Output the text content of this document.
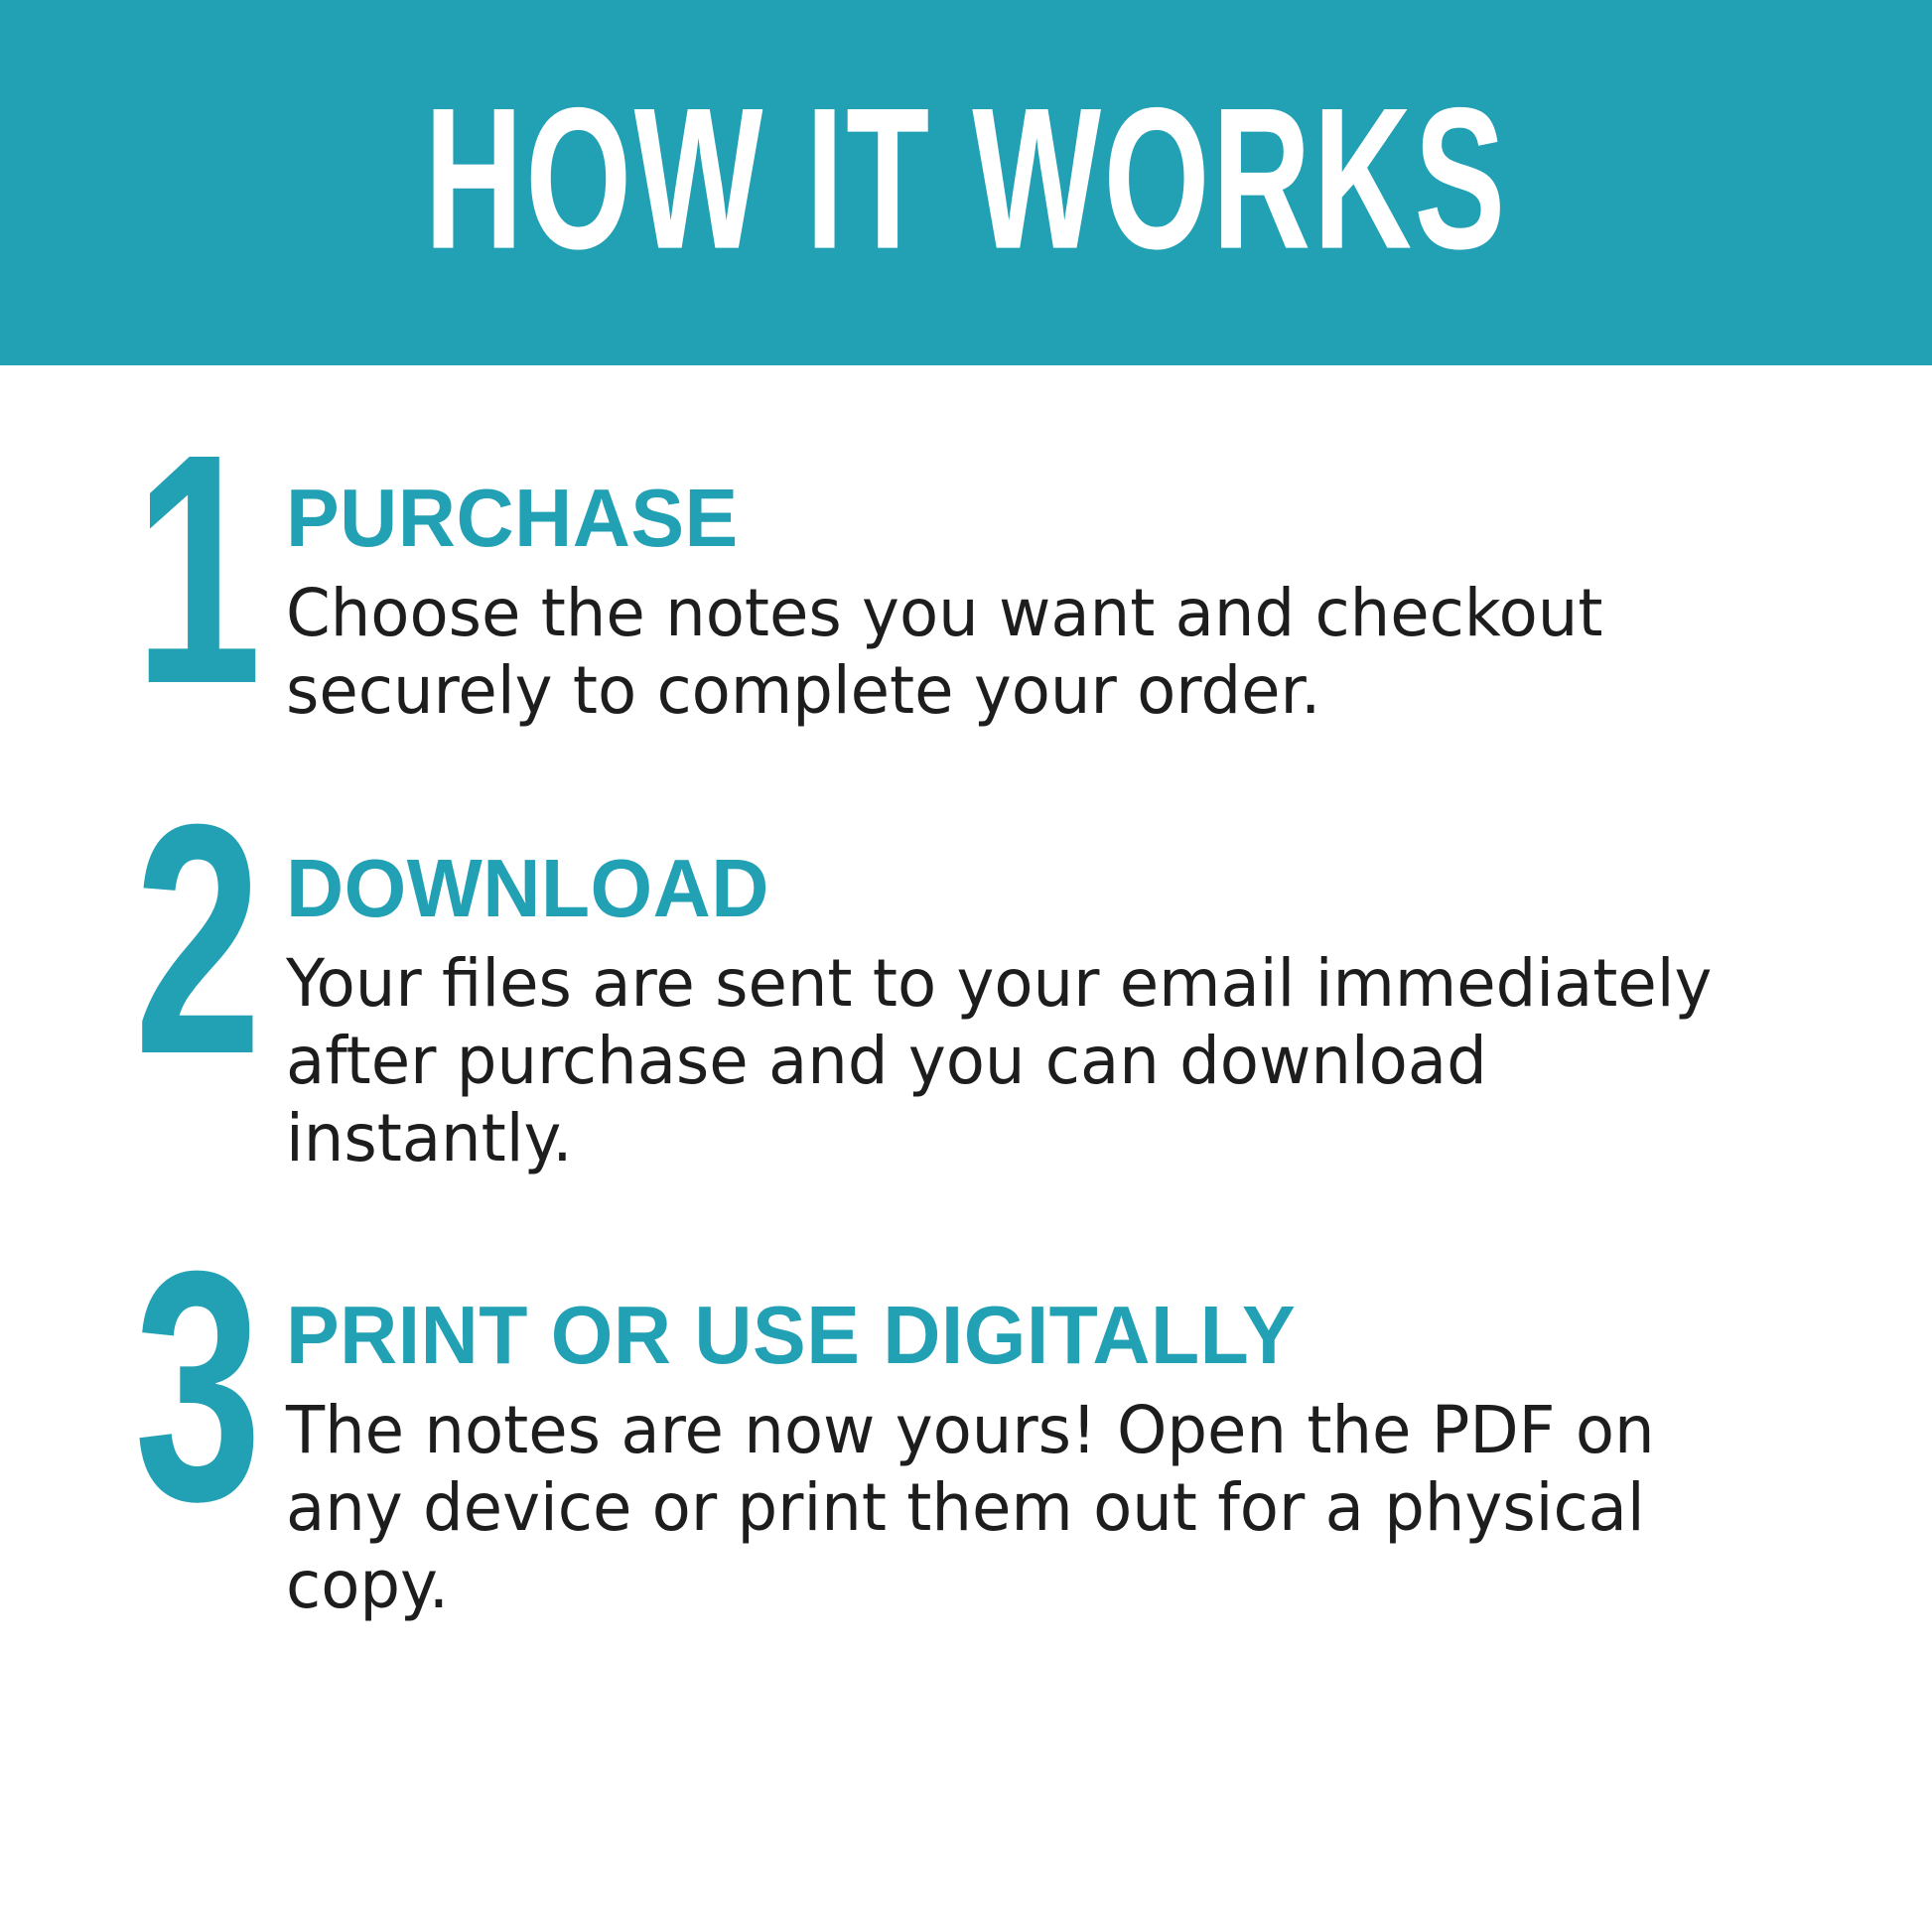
HOW IT WORKS
1 PURCHASE
Choose the notes you want and checkout securely to complete your order.
2 DOWNLOAD
Your files are sent to your email immediately after purchase and you can download instantly.
3 PRINT OR USE DIGITALLY
The notes are now yours! Open the PDF on any device or print them out for a physical copy.
